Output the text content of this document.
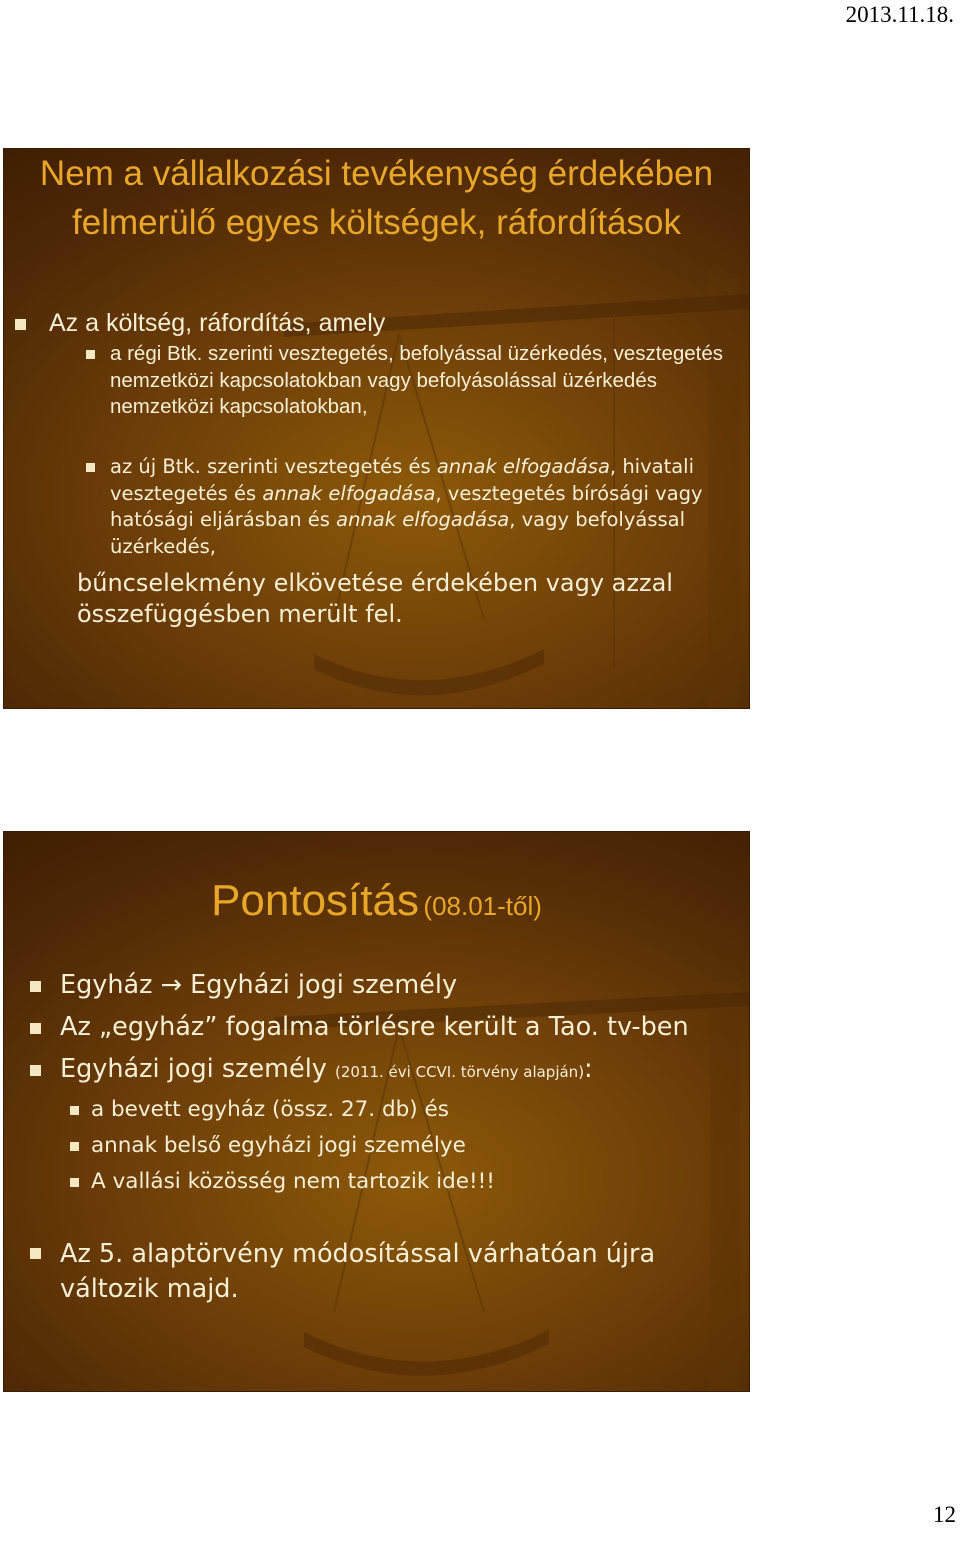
2013.11.18.
Nem a vállalkozási tevékenység érdekében felmerülő egyes költségek, ráfordítások
Az a költség, ráfordítás, amely
a régi Btk. szerinti vesztegetés, befolyással üzérkedés, vesztegetés nemzetközi kapcsolatokban vagy befolyásolással üzérkedés nemzetközi kapcsolatokban,
az új Btk. szerinti vesztegetés és annak elfogadása, hivatali vesztegetés és annak elfogadása, vesztegetés bírósági vagy hatósági eljárásban és annak elfogadása, vagy befolyással üzérkedés,
bűncselekmény elkövetése érdekében vagy azzal összefüggésben merült fel.
Pontosítás (08.01-től)
Egyház → Egyházi jogi személy
Az „egyház” fogalma törlésre került a Tao. tv-ben
Egyházi jogi személy (2011. évi CCVI. törvény alapján):
a bevett egyház (össz. 27. db) és
annak belső egyházi jogi személye
A vallási közösség nem tartozik ide!!!
Az 5. alaptörvény módosítással várhatóan újra változik majd.
12
